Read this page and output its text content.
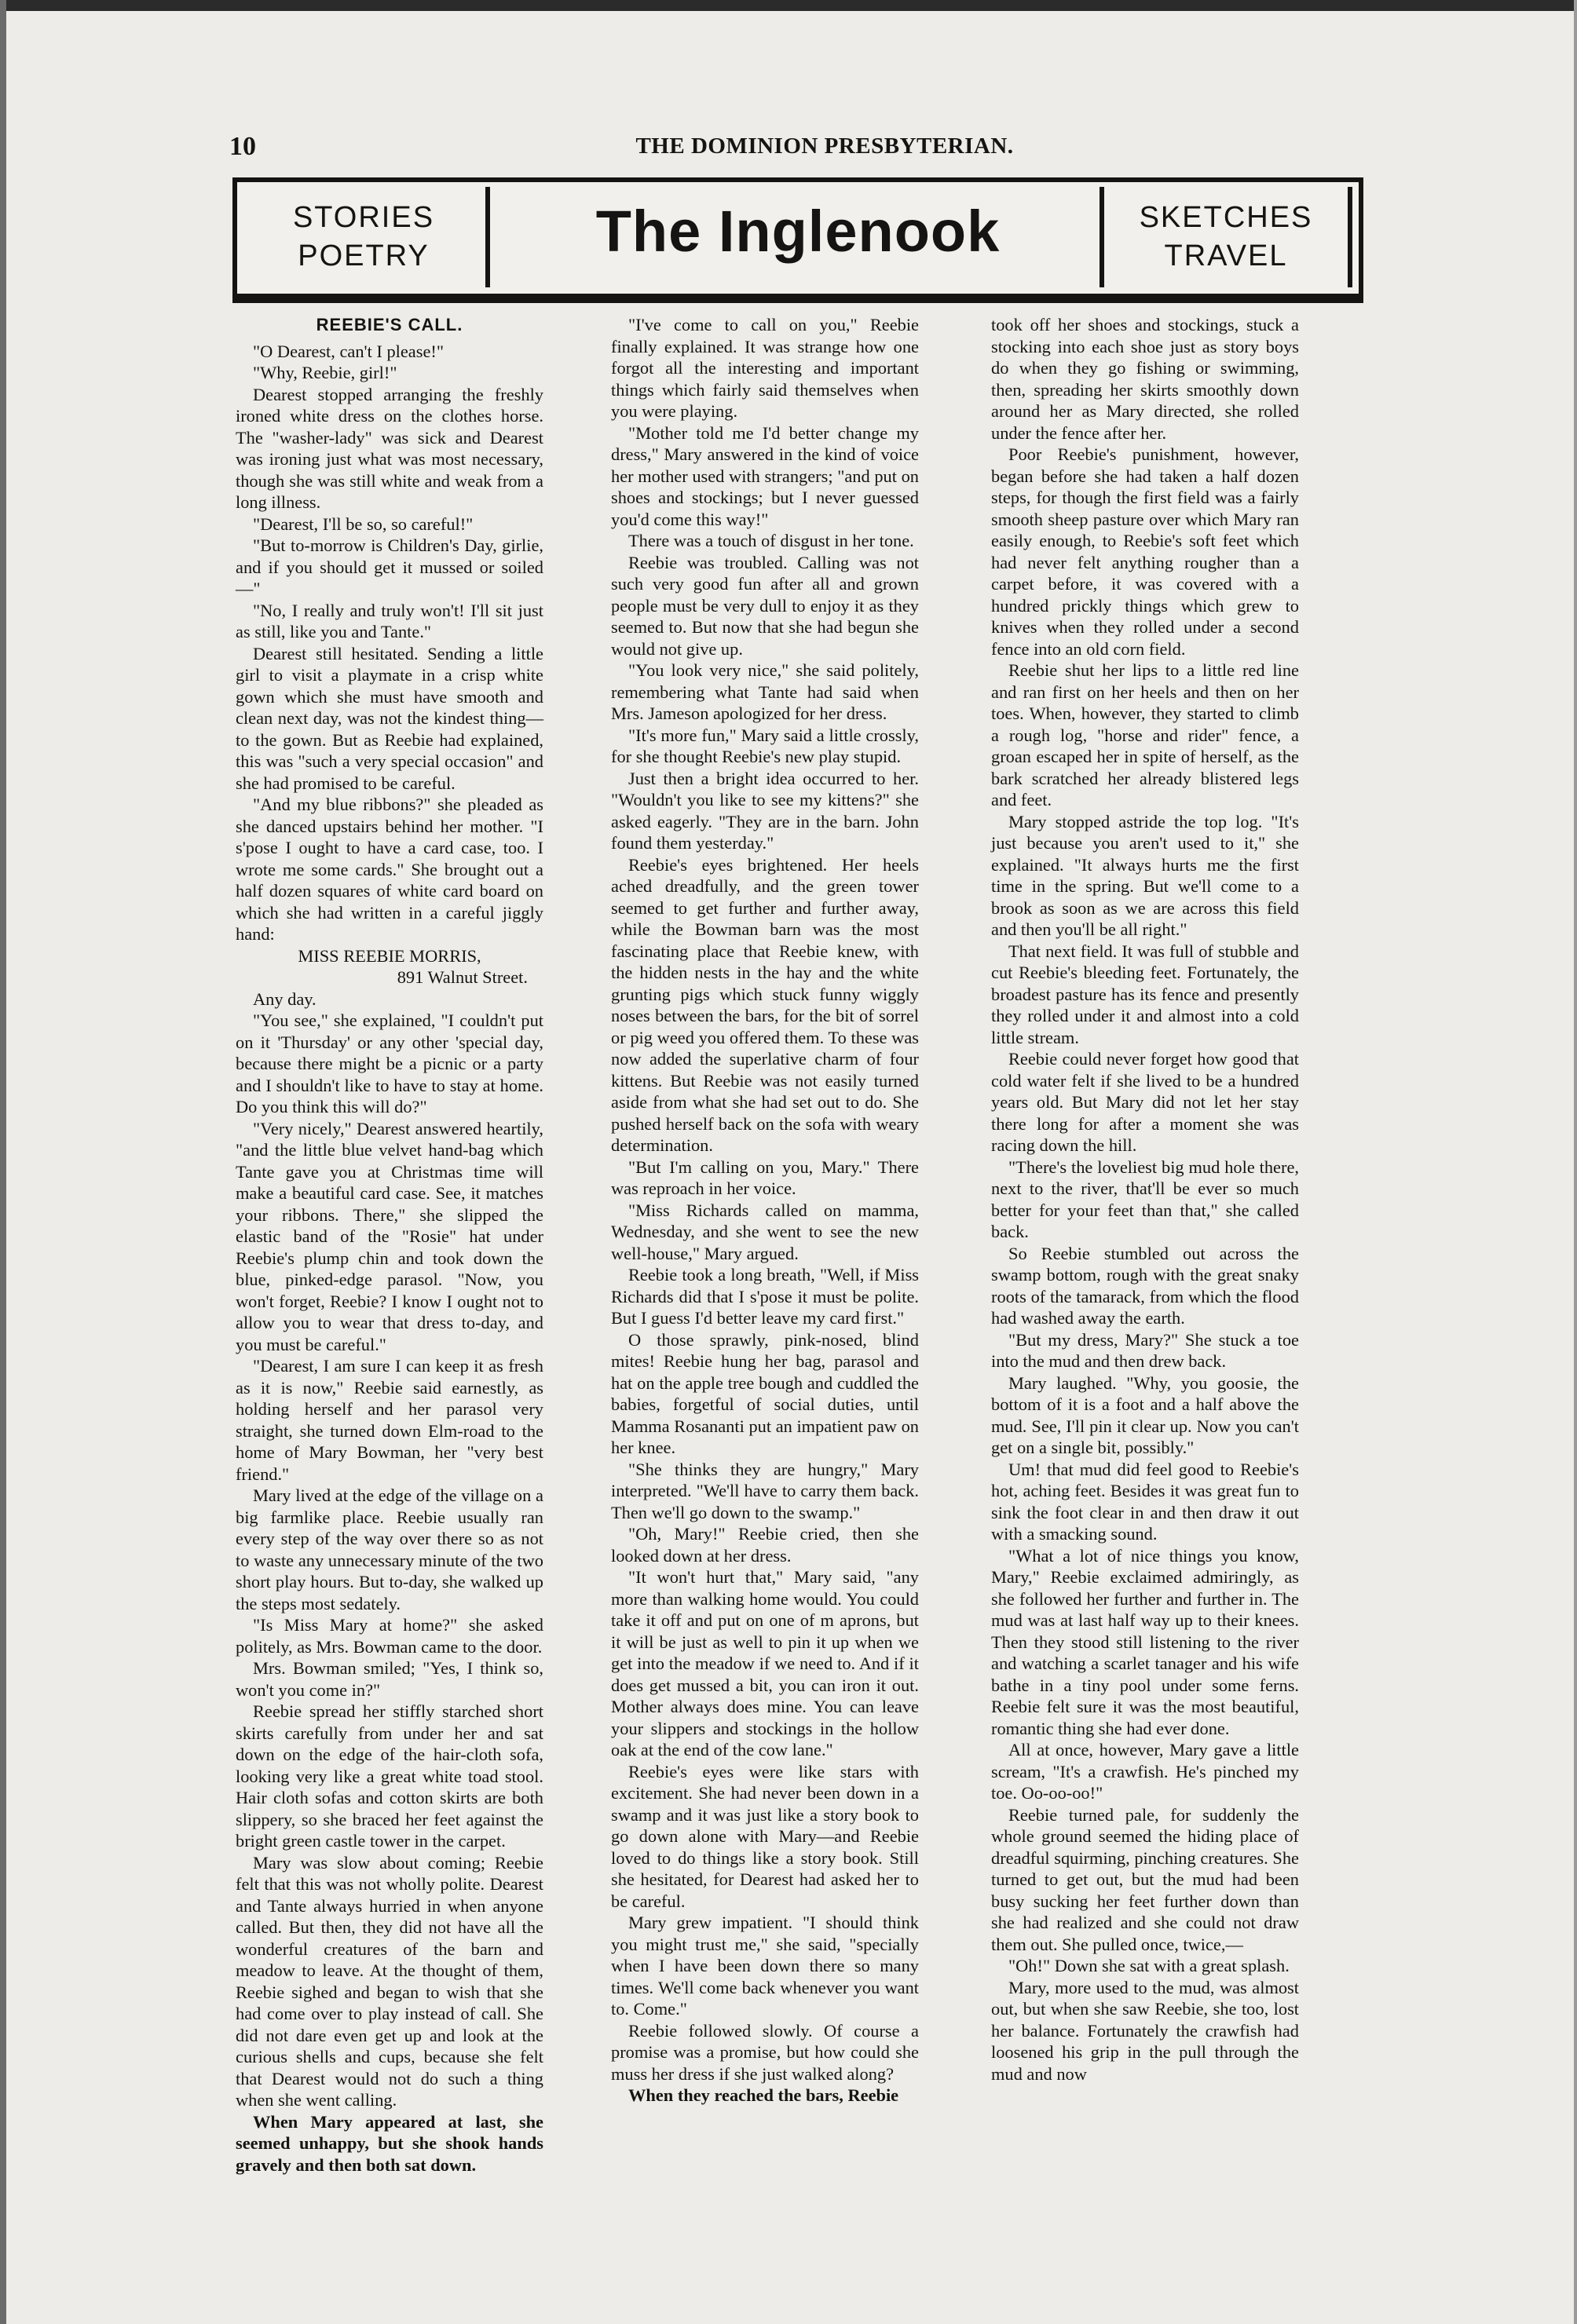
10	THE DOMINION PRESBYTERIAN.
STORIES
POETRY	The Inglenook	SKETCHES
TRAVEL

REEBIE'S CALL.

"O Dearest, can't I please!"

"Why, Reebie, girl!"

Dearest stopped arranging the freshly ironed white dress on the clothes horse. The "washer-lady" was sick and Dearest was ironing just what was most necessary, though she was still white and weak from a long illness.

"Dearest, I'll be so, so careful!"

"But to-morrow is Children's Day, girlie, and if you should get it mussed or soiled—"

"No, I really and truly won't! I'll sit just as still, like you and Tante."

Dearest still hesitated. Sending a little girl to visit a playmate in a crisp white gown which she must have smooth and clean next day, was not the kindest thing—to the gown. But as Reebie had explained, this was "such a very special occasion" and she had promised to be careful.

"And my blue ribbons?" she pleaded as she danced upstairs behind her mother. "I s'pose I ought to have a card case, too. I wrote me some cards." She brought out a half dozen squares of white card board on which she had written in a careful jiggly hand:

MISS REEBIE MORRIS,

891 Walnut Street.

Any day.

"You see," she explained, "I couldn't put on it 'Thursday' or any other 'special day, because there might be a picnic or a party and I shouldn't like to have to stay at home. Do you think this will do?"

"Very nicely," Dearest answered heartily, "and the little blue velvet hand-bag which Tante gave you at Christmas time will make a beautiful card case. See, it matches your ribbons. There," she slipped the elastic band of the "Rosie" hat under Reebie's plump chin and took down the blue, pinked-edge parasol. "Now, you won't forget, Reebie? I know I ought not to allow you to wear that dress to-day, and you must be careful."

"Dearest, I am sure I can keep it as fresh as it is now," Reebie said earnestly, as holding herself and her parasol very straight, she turned down Elm-road to the home of Mary Bowman, her "very best friend."

Mary lived at the edge of the village on a big farmlike place. Reebie usually ran every step of the way over there so as not to waste any unnecessary minute of the two short play hours. But to-day, she walked up the steps most sedately.

"Is Miss Mary at home?" she asked politely, as Mrs. Bowman came to the door.

Mrs. Bowman smiled; "Yes, I think so, won't you come in?"

Reebie spread her stiffly starched short skirts carefully from under her and sat down on the edge of the hair-cloth sofa, looking very like a great white toad stool. Hair cloth sofas and cotton skirts are both slippery, so she braced her feet against the bright green castle tower in the carpet.

Mary was slow about coming; Reebie felt that this was not wholly polite. Dearest and Tante always hurried in when anyone called. But then, they did not have all the wonderful creatures of the barn and meadow to leave. At the thought of them, Reebie sighed and began to wish that she had come over to play instead of call. She did not dare even get up and look at the curious shells and cups, because she felt that Dearest would not do such a thing when she went calling.

When Mary appeared at last, she seemed unhappy, but she shook hands gravely and then both sat down.

"I've come to call on you," Reebie finally explained. It was strange how one forgot all the interesting and important things which fairly said themselves when you were playing.

"Mother told me I'd better change my dress," Mary answered in the kind of voice her mother used with strangers; "and put on shoes and stockings; but I never guessed you'd come this way!"

There was a touch of disgust in her tone.

Reebie was troubled. Calling was not such very good fun after all and grown people must be very dull to enjoy it as they seemed to. But now that she had begun she would not give up.

"You look very nice," she said politely, remembering what Tante had said when Mrs. Jameson apologized for her dress.

"It's more fun," Mary said a little crossly, for she thought Reebie's new play stupid.

Just then a bright idea occurred to her. "Wouldn't you like to see my kittens?" she asked eagerly. "They are in the barn. John found them yesterday."

Reebie's eyes brightened. Her heels ached dreadfully, and the green tower seemed to get further and further away, while the Bowman barn was the most fascinating place that Reebie knew, with the hidden nests in the hay and the white grunting pigs which stuck funny wiggly noses between the bars, for the bit of sorrel or pig weed you offered them. To these was now added the superlative charm of four kittens. But Reebie was not easily turned aside from what she had set out to do. She pushed herself back on the sofa with weary determination.

"But I'm calling on you, Mary." There was reproach in her voice.

"Miss Richards called on mamma, Wednesday, and she went to see the new well-house," Mary argued.

Reebie took a long breath, "Well, if Miss Richards did that I s'pose it must be polite. But I guess I'd better leave my card first."

O those sprawly, pink-nosed, blind mites! Reebie hung her bag, parasol and hat on the apple tree bough and cuddled the babies, forgetful of social duties, until Mamma Rosananti put an impatient paw on her knee.

"She thinks they are hungry," Mary interpreted. "We'll have to carry them back. Then we'll go down to the swamp."

"Oh, Mary!" Reebie cried, then she looked down at her dress.

"It won't hurt that," Mary said, "any more than walking home would. You could take it off and put on one of m aprons, but it will be just as well to pin it up when we get into the meadow if we need to. And if it does get mussed a bit, you can iron it out. Mother always does mine. You can leave your slippers and stockings in the hollow oak at the end of the cow lane."

Reebie's eyes were like stars with excitement. She had never been down in a swamp and it was just like a story book to go down alone with Mary—and Reebie loved to do things like a story book. Still she hesitated, for Dearest had asked her to be careful.

Mary grew impatient. "I should think you might trust me," she said, "specially when I have been down there so many times. We'll come back whenever you want to. Come."

Reebie followed slowly. Of course a promise was a promise, but how could she muss her dress if she just walked along?

When they reached the bars, Reebie

took off her shoes and stockings, stuck a stocking into each shoe just as story boys do when they go fishing or swimming, then, spreading her skirts smoothly down around her as Mary directed, she rolled under the fence after her.

Poor Reebie's punishment, however, began before she had taken a half dozen steps, for though the first field was a fairly smooth sheep pasture over which Mary ran easily enough, to Reebie's soft feet which had never felt anything rougher than a carpet before, it was covered with a hundred prickly things which grew to knives when they rolled under a second fence into an old corn field.

Reebie shut her lips to a little red line and ran first on her heels and then on her toes. When, however, they started to climb a rough log, "horse and rider" fence, a groan escaped her in spite of herself, as the bark scratched her already blistered legs and feet.

Mary stopped astride the top log. "It's just because you aren't used to it," she explained. "It always hurts me the first time in the spring. But we'll come to a brook as soon as we are across this field and then you'll be all right."

That next field. It was full of stubble and cut Reebie's bleeding feet. Fortunately, the broadest pasture has its fence and presently they rolled under it and almost into a cold little stream.

Reebie could never forget how good that cold water felt if she lived to be a hundred years old. But Mary did not let her stay there long for after a moment she was racing down the hill.

"There's the loveliest big mud hole there, next to the river, that'll be ever so much better for your feet than that," she called back.

So Reebie stumbled out across the swamp bottom, rough with the great snaky roots of the tamarack, from which the flood had washed away the earth.

"But my dress, Mary?" She stuck a toe into the mud and then drew back.

Mary laughed. "Why, you goosie, the bottom of it is a foot and a half above the mud. See, I'll pin it clear up. Now you can't get on a single bit, possibly."

Um! that mud did feel good to Reebie's hot, aching feet. Besides it was great fun to sink the foot clear in and then draw it out with a smacking sound.

"What a lot of nice things you know, Mary," Reebie exclaimed admiringly, as she followed her further and further in. The mud was at last half way up to their knees. Then they stood still listening to the river and watching a scarlet tanager and his wife bathe in a tiny pool under some ferns. Reebie felt sure it was the most beautiful, romantic thing she had ever done.

All at once, however, Mary gave a little scream, "It's a crawfish. He's pinched my toe. Oo-oo-oo!"

Reebie turned pale, for suddenly the whole ground seemed the hiding place of dreadful squirming, pinching creatures. She turned to get out, but the mud had been busy sucking her feet further down than she had realized and she could not draw them out. She pulled once, twice,—

"Oh!" Down she sat with a great splash.

Mary, more used to the mud, was almost out, but when she saw Reebie, she too, lost her balance. Fortunately the crawfish had loosened his grip in the pull through the mud and now
